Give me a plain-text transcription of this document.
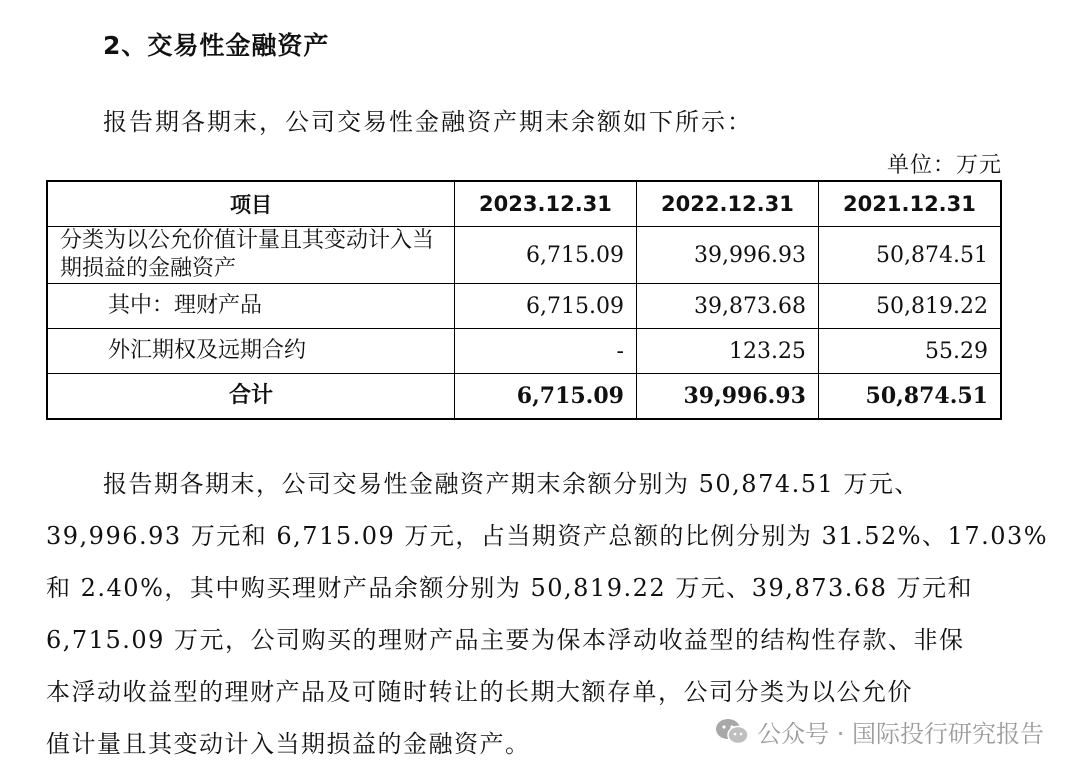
2、交易性金融资产
报告期各期末，公司交易性金融资产期末余额如下所示：
单位：万元
项目	2023.12.31	2022.12.31	2021.12.31
分类为以公允价值计量且其变动计入当期损益的金融资产	6,715.09	39,996.93	50,874.51
其中：理财产品	6,715.09	39,873.68	50,819.22
外汇期权及远期合约	-	123.25	55.29
合计	6,715.09	39,996.93	50,874.51
报告期各期末，公司交易性金融资产期末余额分别为 50,874.51 万元、
39,996.93 万元和 6,715.09 万元，占当期资产总额的比例分别为 31.52%、17.03%
和 2.40%，其中购买理财产品余额分别为 50,819.22 万元、39,873.68 万元和
6,715.09 万元，公司购买的理财产品主要为保本浮动收益型的结构性存款、非保
本浮动收益型的理财产品及可随时转让的长期大额存单，公司分类为以公允价
值计量且其变动计入当期损益的金融资产。	公众号 · 国际投行研究报告
